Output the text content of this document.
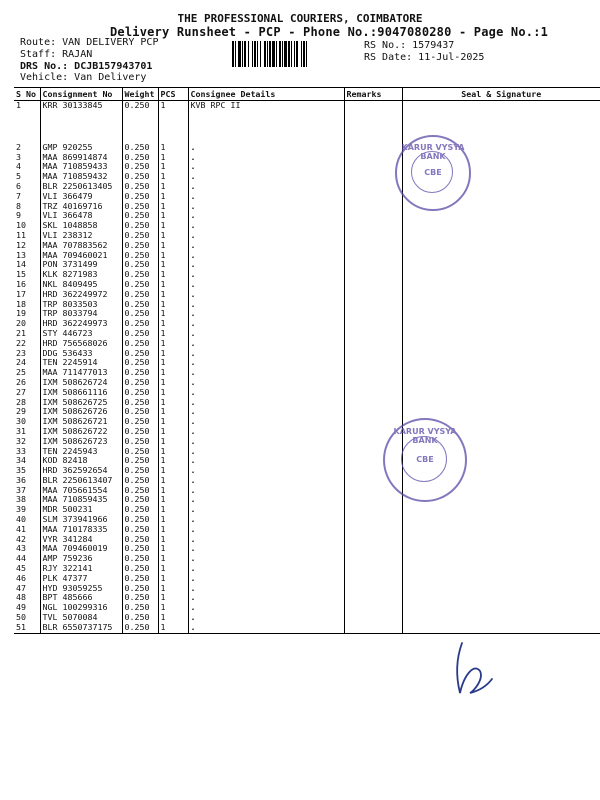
THE PROFESSIONAL COURIERS, COIMBATORE
Delivery Runsheet - PCP - Phone No.:9047080280 - Page No.:1
Route: VAN DELIVERY PCP
Staff: RAJAN
DRS No.: DCJB157943701
Vehicle: Van Delivery
RS No.: 1579437
RS Date: 11-Jul-2025
S No	Consignment No	Weight	PCS	Consignee Details	Remarks	Seal & Signature
1	KRR 30133845	0.250	1	KVB RPC II		

2	GMP 920255	0.250	1	.		
3	MAA 869914874	0.250	1	.		
4	MAA 710859433	0.250	1	.		
5	MAA 710859432	0.250	1	.		
6	BLR 2250613405	0.250	1	.		
7	VLI 366479	0.250	1	.		
8	TRZ 40169716	0.250	1	.		
9	VLI 366478	0.250	1	.		
10	SKL 1048858	0.250	1	.		
11	VLI 238312	0.250	1	.		
12	MAA 707883562	0.250	1	.		
13	MAA 709460021	0.250	1	.		
14	PON 3731499	0.250	1	.		
15	KLK 8271983	0.250	1	.		
16	NKL 8409495	0.250	1	.		
17	HRD 362249972	0.250	1	.		
18	TRP 8033503	0.250	1	.		
19	TRP 8033794	0.250	1	.		
20	HRD 362249973	0.250	1	.		
21	STY 446723	0.250	1	.		
22	HRD 756568026	0.250	1	.		
23	DDG 536433	0.250	1	.		
24	TEN 2245914	0.250	1	.		
25	MAA 711477013	0.250	1	.		
26	IXM 508626724	0.250	1	.		
27	IXM 508661116	0.250	1	.		
28	IXM 508626725	0.250	1	.		
29	IXM 508626726	0.250	1	.		
30	IXM 508626721	0.250	1	.		
31	IXM 508626722	0.250	1	.		
32	IXM 508626723	0.250	1	.		
33	TEN 2245943	0.250	1	.		
34	KOD 82418	0.250	1	.		
35	HRD 362592654	0.250	1	.		
36	BLR 2250613407	0.250	1	.		
37	MAA 705661554	0.250	1	.		
38	MAA 710859435	0.250	1	.		
39	MDR 500231	0.250	1	.		
40	SLM 373941966	0.250	1	.		
41	MAA 710178335	0.250	1	.		
42	VYR 341284	0.250	1	.		
43	MAA 709460019	0.250	1	.		
44	AMP 759236	0.250	1	.		
45	RJY 322141	0.250	1	.		
46	PLK 47377	0.250	1	.		
47	HYD 93059255	0.250	1	.		
48	BPT 485666	0.250	1	.		
49	NGL 100299316	0.250	1	.		
50	TVL 5070084	0.250	1	.		
51	BLR 6550737175	0.250	1	.		
KARUR VYSYA BANK
CBE
KARUR VYSYA BANK
CBE
